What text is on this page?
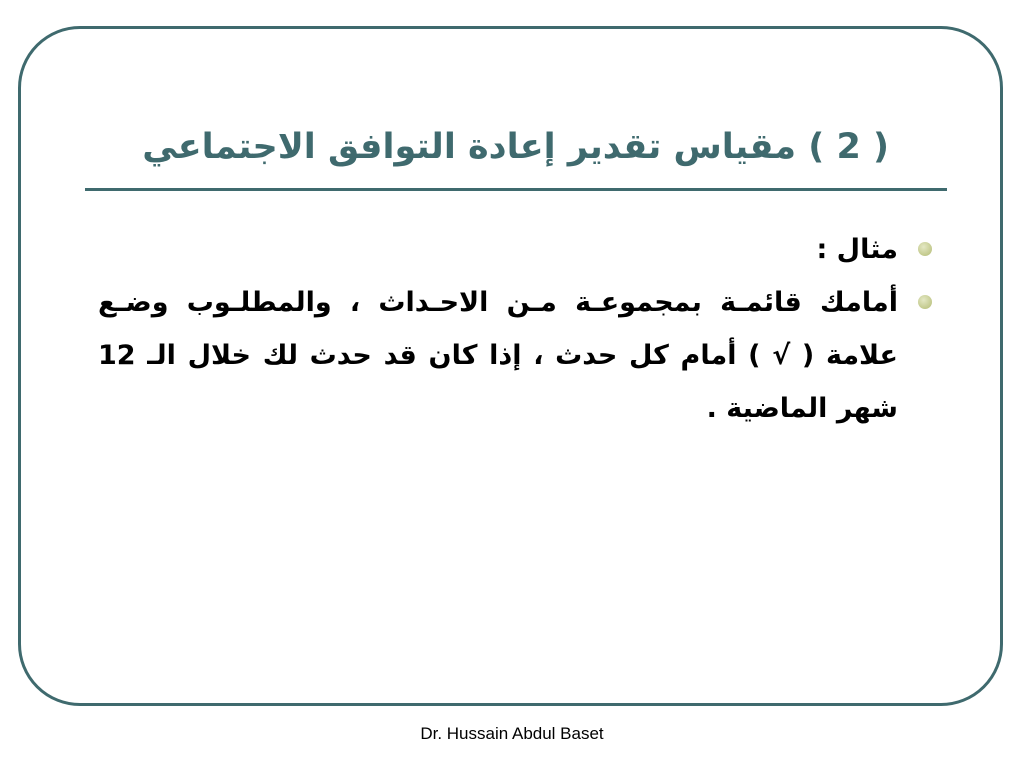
( 2 ) مقياس تقدير إعادة التوافق الاجتماعي
مثال :
أمامك قائمـة بمجموعـة مـن الاحـداث ، والمطلـوب وضـع علامة ( √ ) أمام كل حدث ، إذا كان قد حدث لك خلال الـ 12 شهر الماضية .
Dr. Hussain Abdul Baset
